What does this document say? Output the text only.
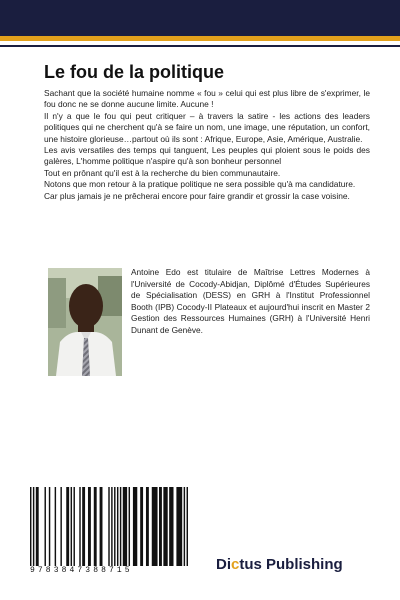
Le fou de la politique

Sachant que la société humaine nomme « fou » celui qui est plus libre de s'exprimer, le fou donc ne se donne aucune limite. Aucune !

Il n'y a que le fou qui peut critiquer – à travers la satire - les actions des leaders politiques qui ne cherchent qu'à se faire un nom, une image, une réputation, un confort, une histoire glorieuse…partout où ils sont : Afrique, Europe, Asie, Amérique, Australie.

Les avis versatiles des temps qui tanguent, Les peuples qui ploient sous le poids des galères, L'homme politique n'aspire qu'à son bonheur personnel

Tout en prônant qu'il est à la recherche du bien communautaire.

Notons que mon retour à la pratique politique ne sera possible qu'à ma candidature.

Car plus jamais je ne prêcherai encore pour faire grandir et grossir la case voisine.

Antoine Edo est titulaire de Maîtrise Lettres Modernes à l'Université de Cocody-Abidjan, Diplômé d'Études Supérieures de Spécialisation (DESS) en GRH à l'Institut Professionnel Booth (IPB) Cocody-II Plateaux et aujourd'hui inscrit en Master 2 Gestion des Ressources Humaines (GRH) à l'Université Henri Dunant de Genève.

9783847388715	Dictus Publishing
